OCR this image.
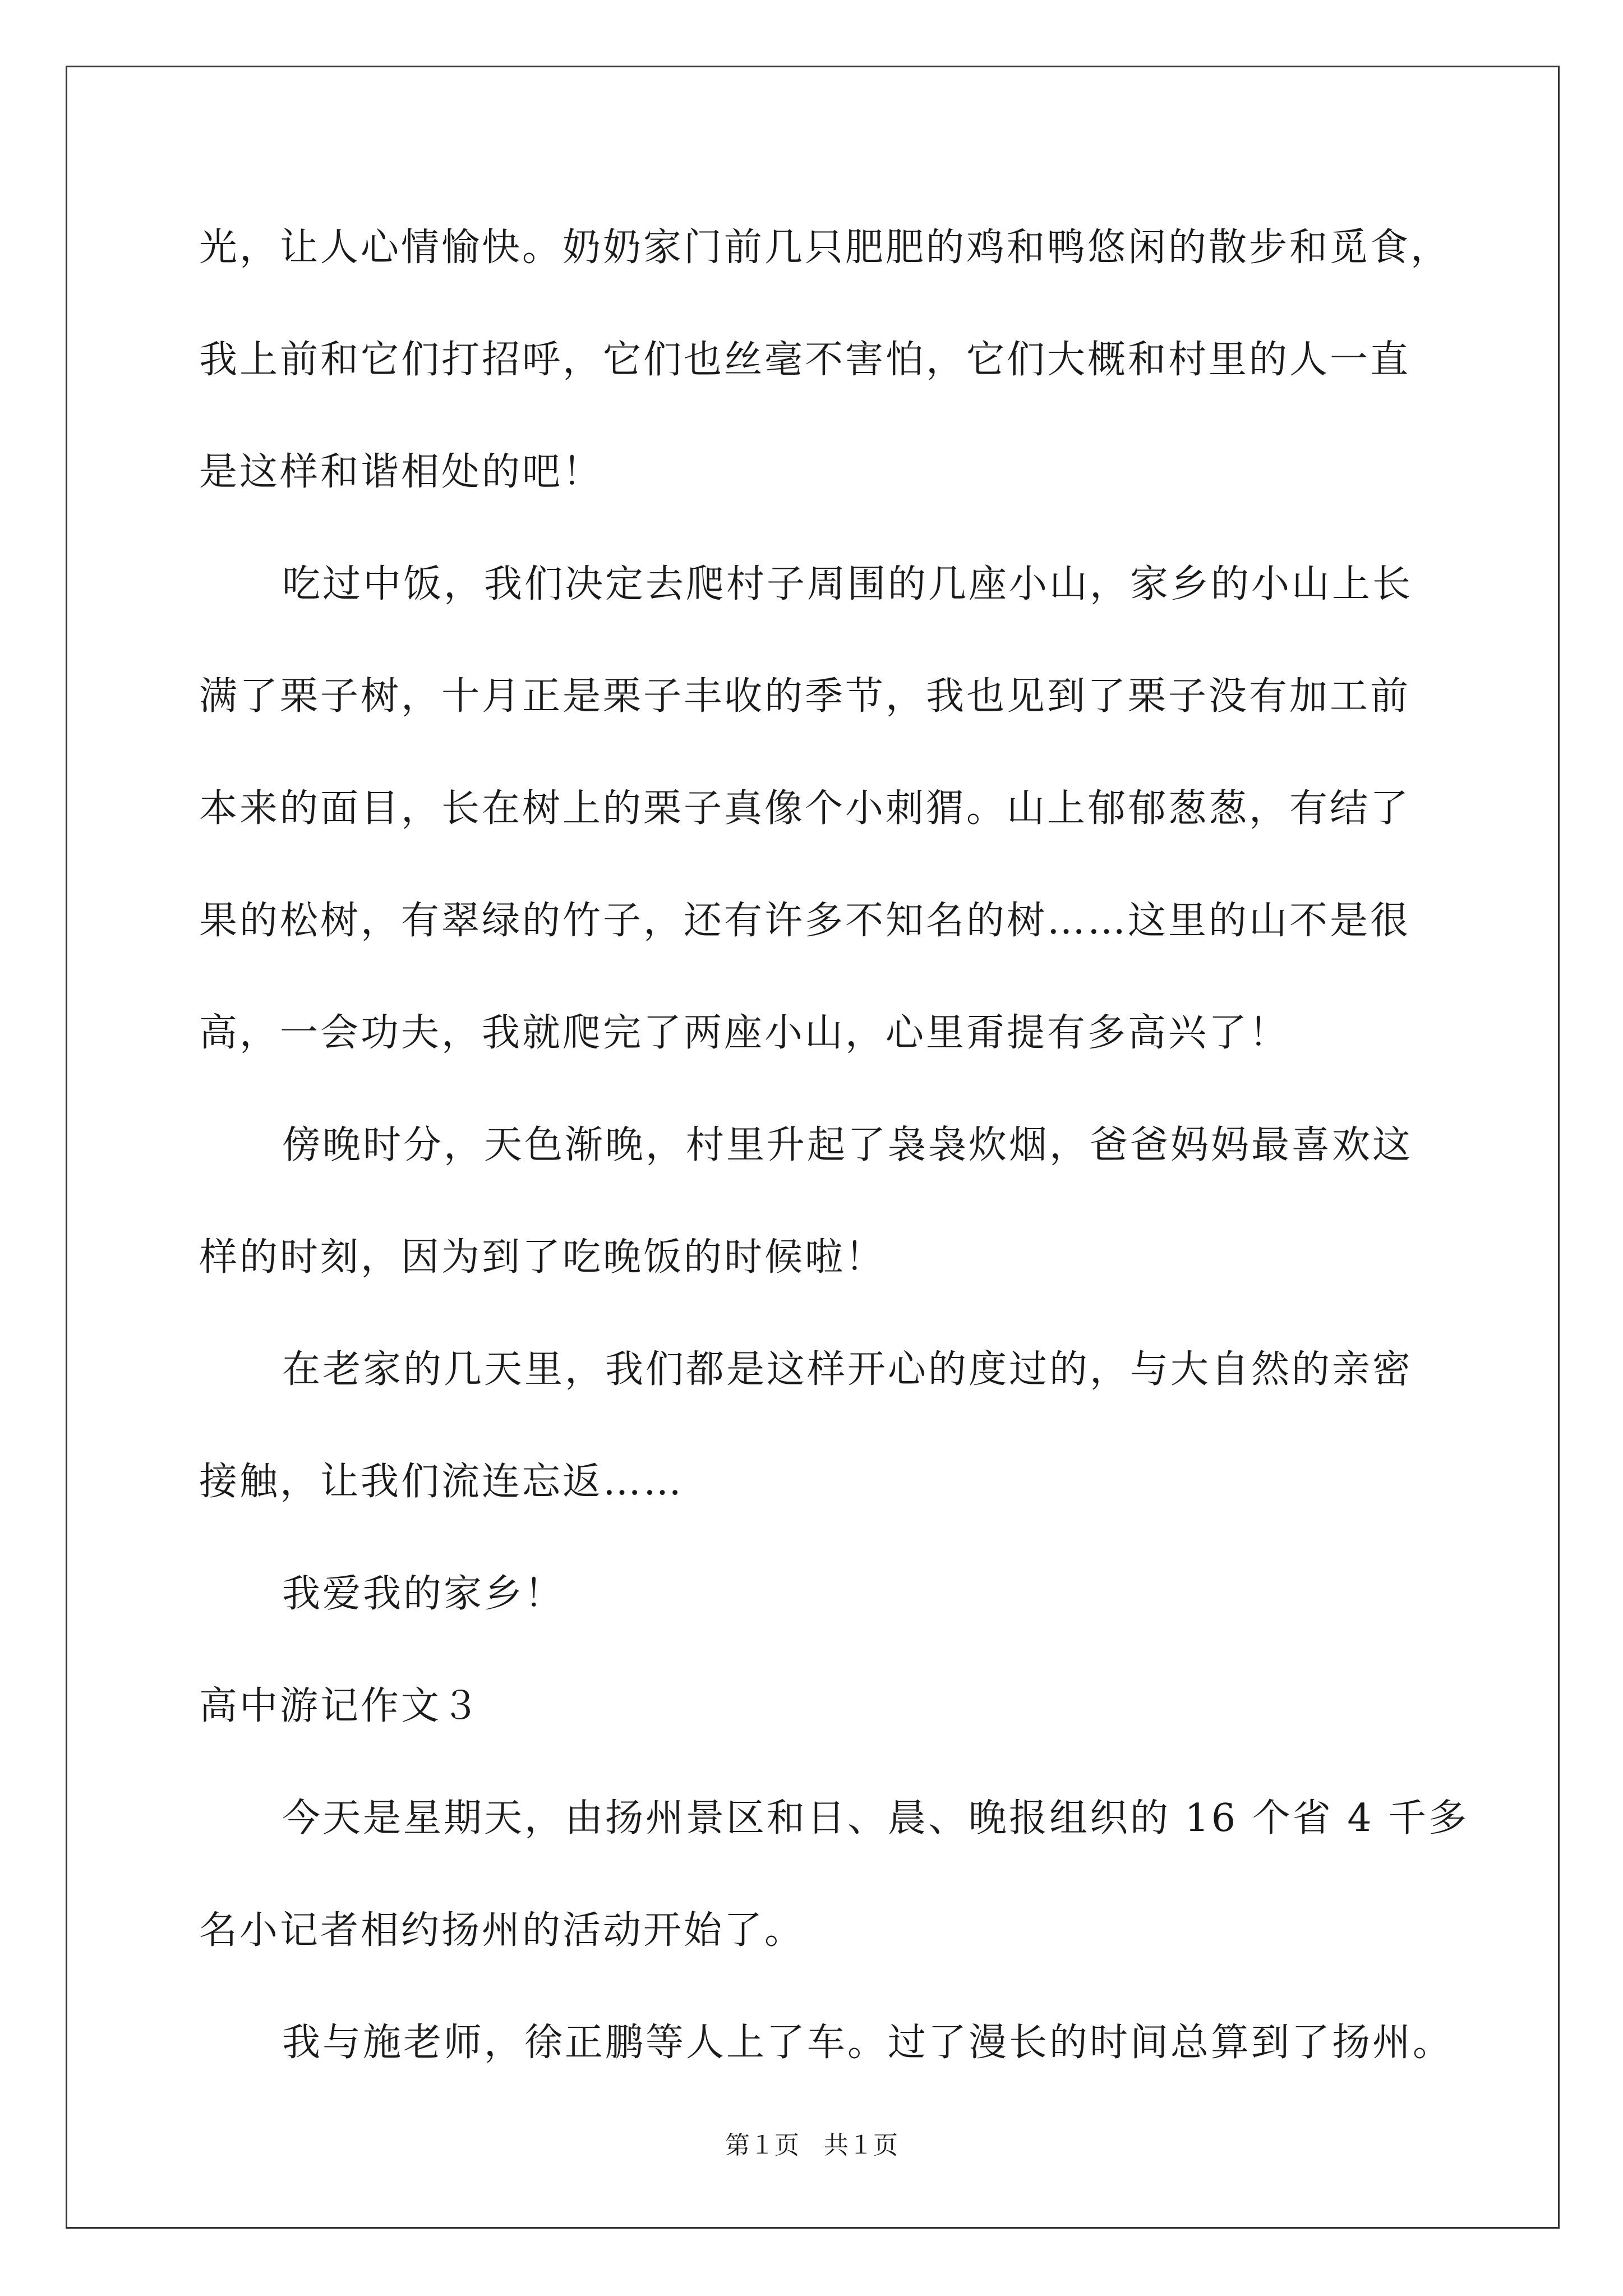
光，让人心情愉快。奶奶家门前几只肥肥的鸡和鸭悠闲的散步和觅食，
我上前和它们打招呼，它们也丝毫不害怕，它们大概和村里的人一直
是这样和谐相处的吧！
吃过中饭，我们决定去爬村子周围的几座小山，家乡的小山上长
满了栗子树，十月正是栗子丰收的季节，我也见到了栗子没有加工前
本来的面目，长在树上的栗子真像个小刺猬。山上郁郁葱葱，有结了
果的松树，有翠绿的竹子，还有许多不知名的树……这里的山不是很
高，一会功夫，我就爬完了两座小山，心里甭提有多高兴了！
傍晚时分，天色渐晚，村里升起了袅袅炊烟，爸爸妈妈最喜欢这
样的时刻，因为到了吃晚饭的时候啦！
在老家的几天里，我们都是这样开心的度过的，与大自然的亲密
接触，让我们流连忘返……
我爱我的家乡！
高中游记作文３
今天是星期天，由扬州景区和日、晨、晚报组织的 16 个省 4 千多
名小记者相约扬州的活动开始了。
我与施老师，徐正鹏等人上了车。过了漫长的时间总算到了扬州。
第１页 共１页
